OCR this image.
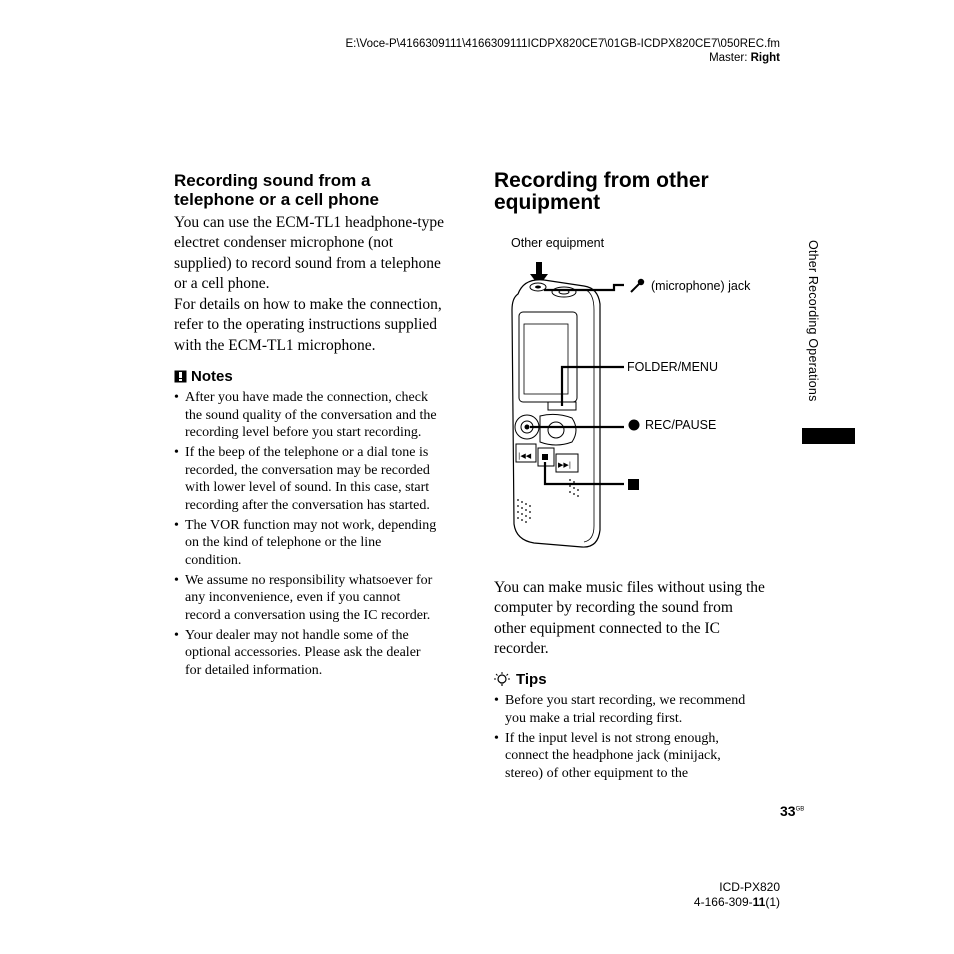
E:\Voce-P\4166309111\4166309111ICDPX820CE7\01GB-ICDPX820CE7\050REC.fm
Master: Right
Recording sound from a
telephone or a cell phone
You can use the ECM-TL1 headphone-type
electret condenser microphone (not
supplied) to record sound from a telephone
or a cell phone.
For details on how to make the connection,
refer to the operating instructions supplied
with the ECM-TL1 microphone.
Notes
• After you have made the connection, check
the sound quality of the conversation and the
recording level before you start recording.
• If the beep of the telephone or a dial tone is
recorded, the conversation may be recorded
with lower level of sound. In this case, start
recording after the conversation has started.
• The VOR function may not work, depending
on the kind of telephone or the line
condition.
• We assume no responsibility whatsoever for
any inconvenience, even if you cannot
record a conversation using the IC recorder.
• Your dealer may not handle some of the
optional accessories. Please ask the dealer
for detailed information.
Recording from other
equipment
Other equipment
|◀◀
▶▶|
(microphone) jack
FOLDER/MENU
REC/PAUSE
You can make music files without using the
computer by recording the sound from
other equipment connected to the IC
recorder.
Tips
• Before you start recording, we recommend
you make a trial recording first.
• If the input level is not strong enough,
connect the headphone jack (minijack,
stereo) of other equipment to the
Other Recording Operations
$33^{GB}$
ICD-PX820
4-166-309-11(1)
